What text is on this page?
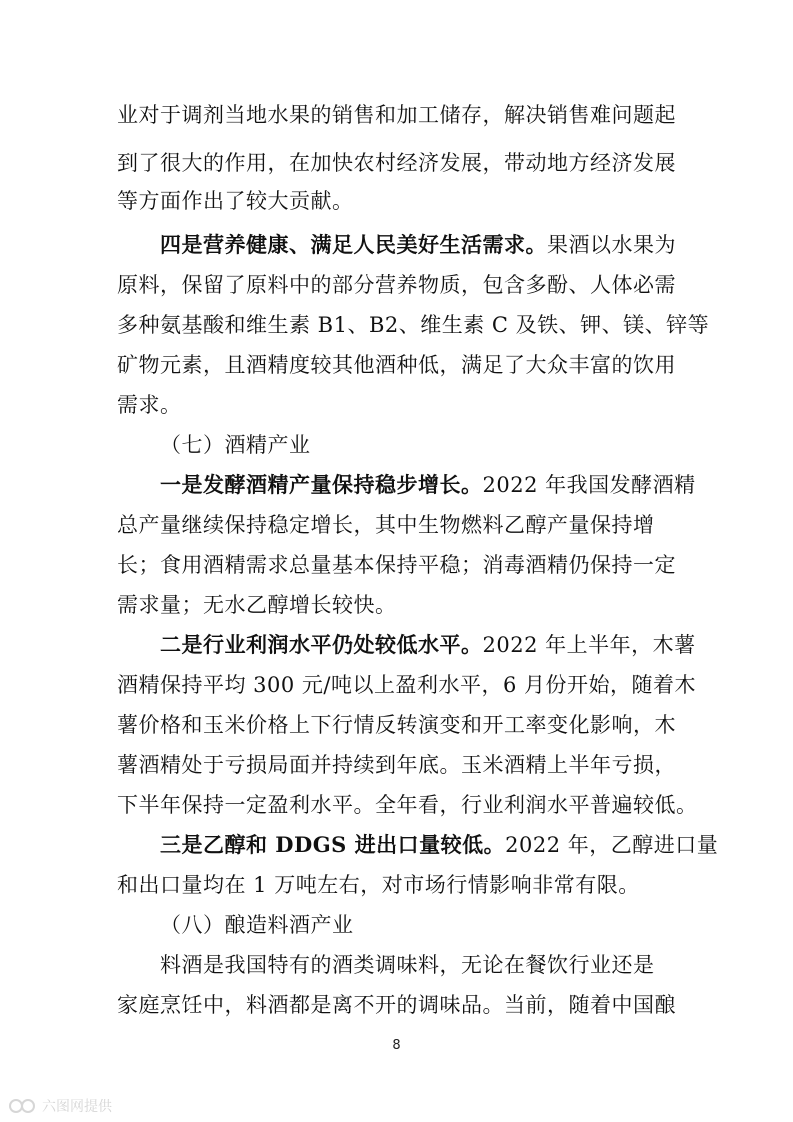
业对于调剂当地水果的销售和加工储存，解决销售难问题起
到了很大的作用，在加快农村经济发展，带动地方经济发展
等方面作出了较大贡献。
四是营养健康、满足人民美好生活需求。果酒以水果为
原料，保留了原料中的部分营养物质，包含多酚、人体必需
多种氨基酸和维生素 B1、B2、维生素 C 及铁、钾、镁、锌等
矿物元素，且酒精度较其他酒种低，满足了大众丰富的饮用
需求。
（七）酒精产业
一是发酵酒精产量保持稳步增长。2022 年我国发酵酒精
总产量继续保持稳定增长，其中生物燃料乙醇产量保持增
长；食用酒精需求总量基本保持平稳；消毒酒精仍保持一定
需求量；无水乙醇增长较快。
二是行业利润水平仍处较低水平。2022 年上半年，木薯
酒精保持平均 300 元/吨以上盈利水平，6 月份开始，随着木
薯价格和玉米价格上下行情反转演变和开工率变化影响，木
薯酒精处于亏损局面并持续到年底。玉米酒精上半年亏损，
下半年保持一定盈利水平。全年看，行业利润水平普遍较低。
三是乙醇和 DDGS 进出口量较低。2022 年，乙醇进口量
和出口量均在 1 万吨左右，对市场行情影响非常有限。
（八）酿造料酒产业
料酒是我国特有的酒类调味料，无论在餐饮行业还是
家庭烹饪中，料酒都是离不开的调味品。当前，随着中国酿
8
六图网提供
